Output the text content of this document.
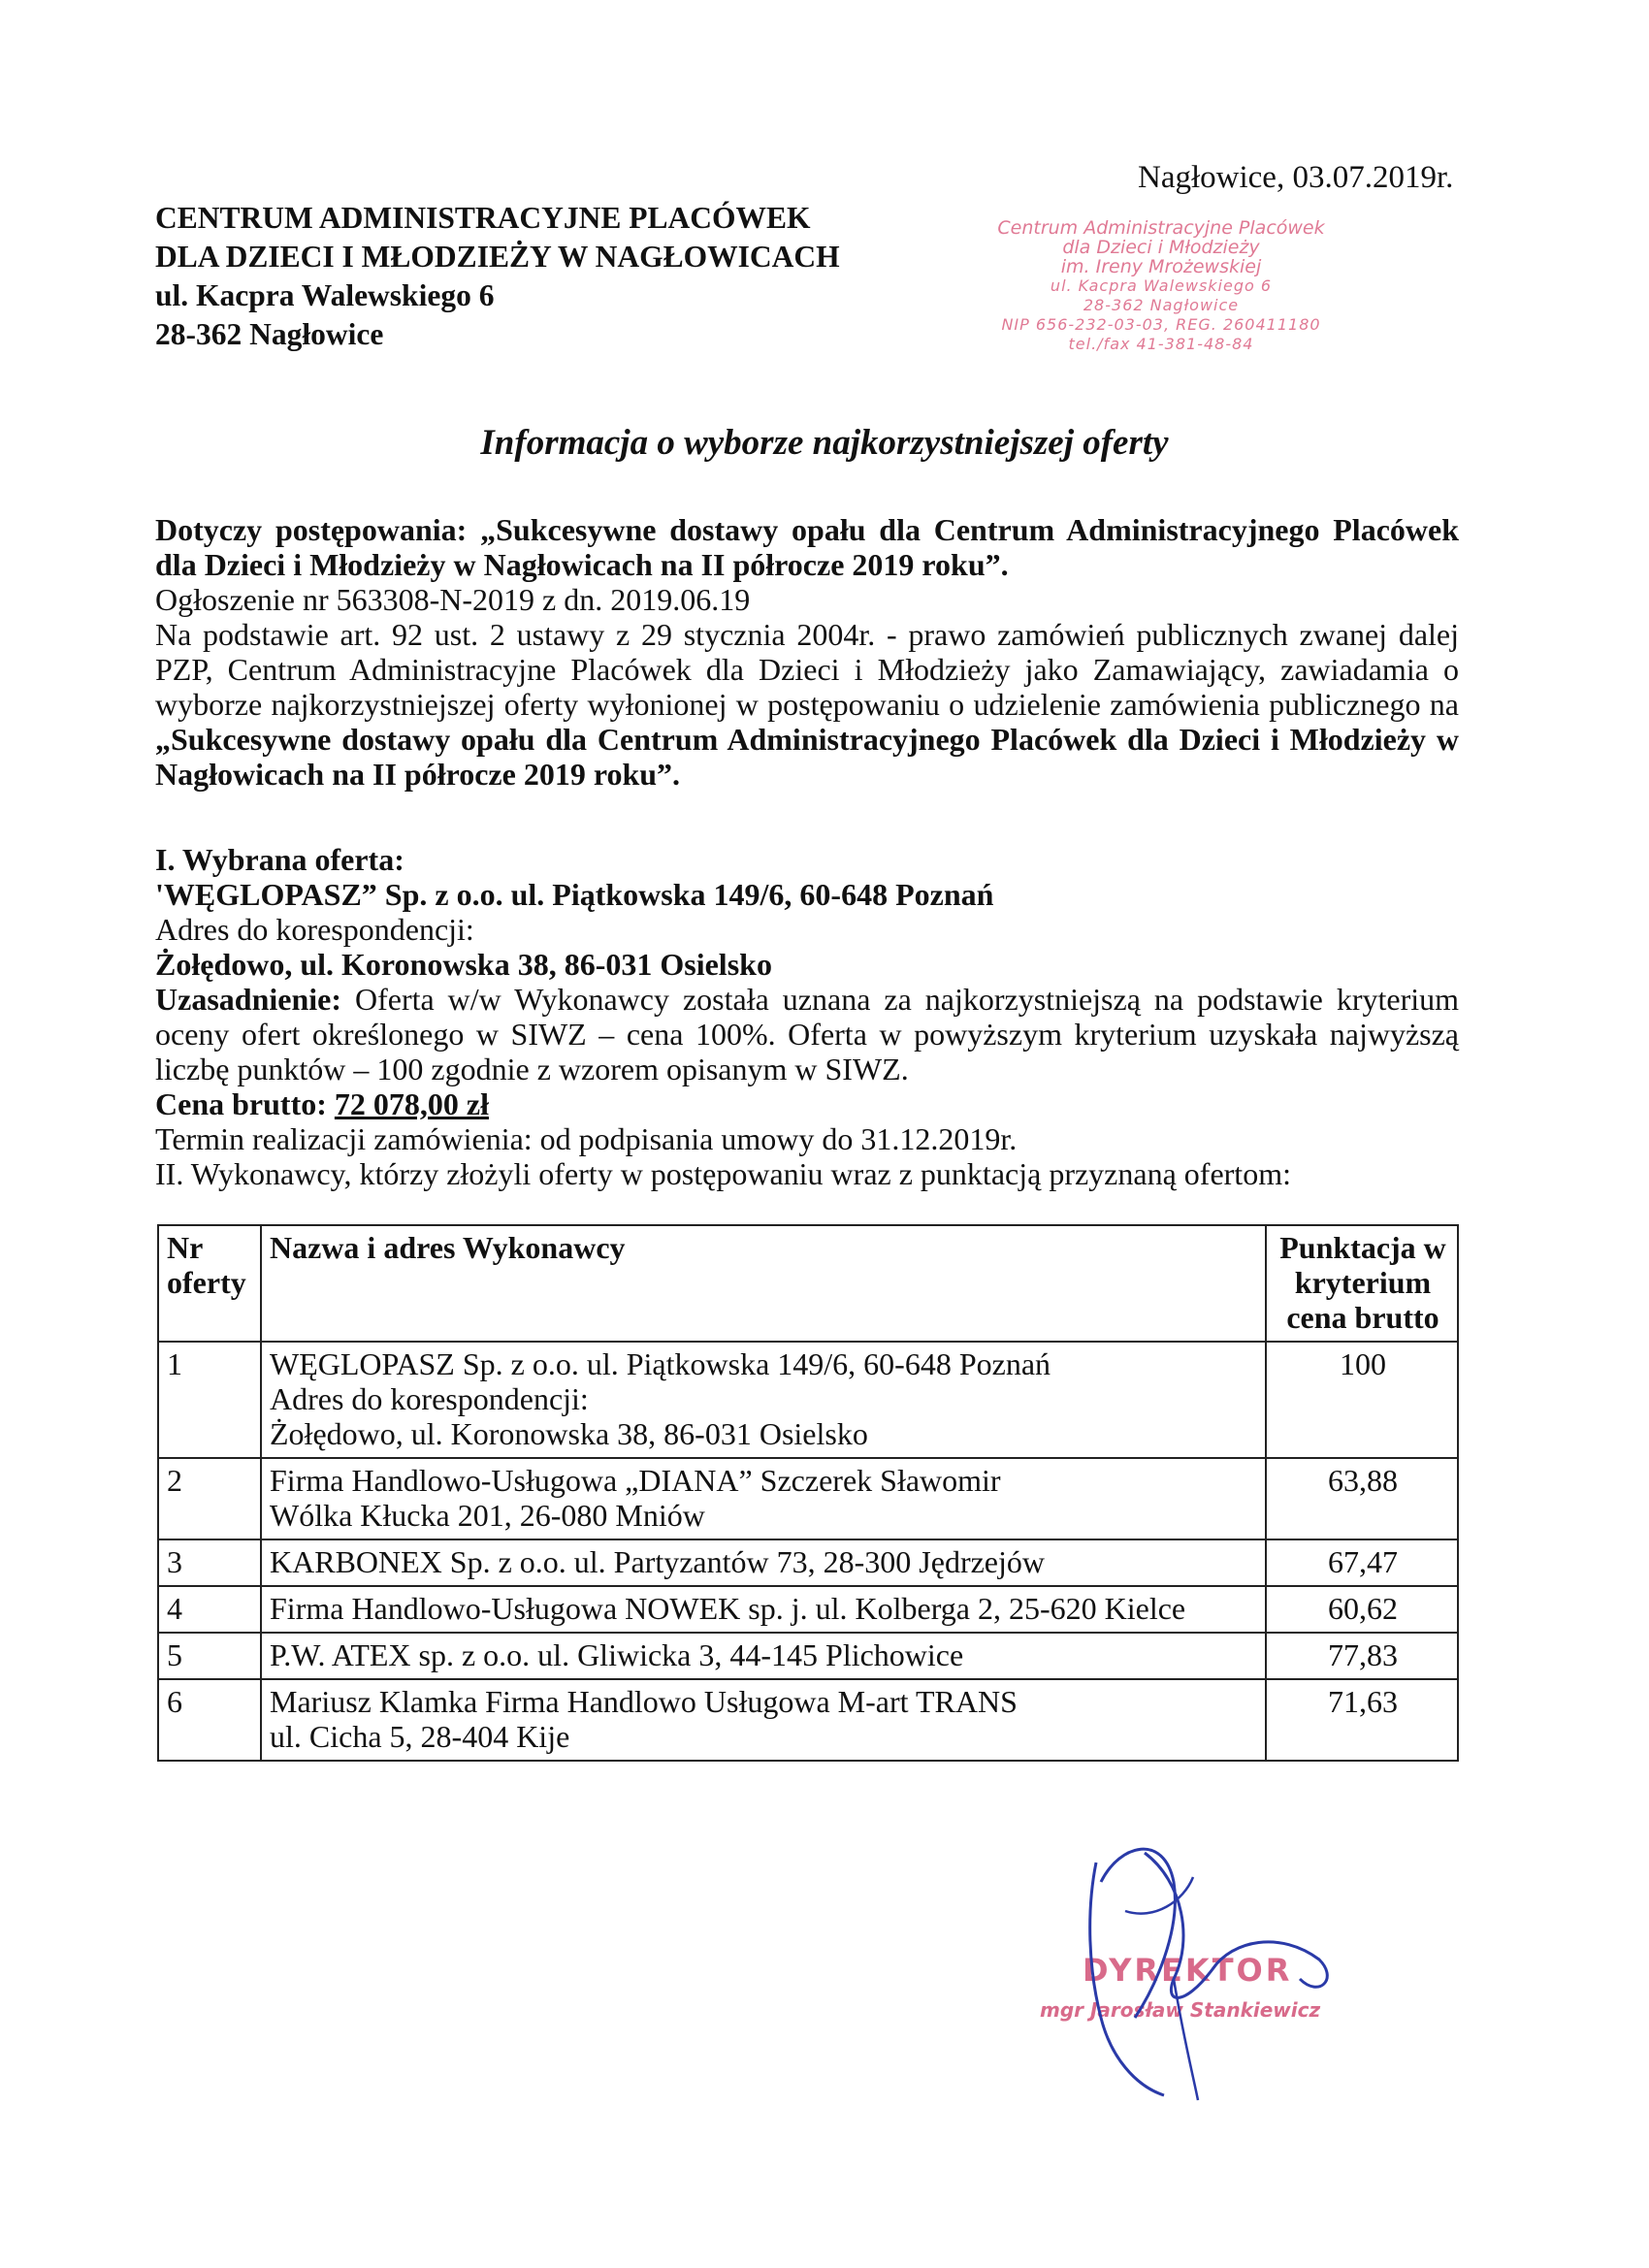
Nagłowice, 03.07.2019r.
CENTRUM ADMINISTRACYJNE PLACÓWEK
DLA DZIECI I MŁODZIEŻY W NAGŁOWICACH
ul. Kacpra Walewskiego 6
28-362 Nagłowice
Centrum Administracyjne Placówek
dla Dzieci i Młodzieży
im. Ireny Mrożewskiej
ul. Kacpra Walewskiego 6
28-362 Nagłowice
NIP 656-232-03-03, REG. 260411180
tel./fax 41-381-48-84
Informacja o wyborze najkorzystniejszej oferty

Dotyczy postępowania: „Sukcesywne dostawy opału dla Centrum Administracyjnego Placówek dla Dzieci i Młodzieży w Nagłowicach na II półrocze 2019 roku”.

Ogłoszenie nr 563308-N-2019 z dn. 2019.06.19

Na podstawie art. 92 ust. 2 ustawy z 29 stycznia 2004r. - prawo zamówień publicznych zwanej dalej PZP, Centrum Administracyjne Placówek dla Dzieci i Młodzieży jako Zamawiający, zawiadamia o wyborze najkorzystniejszej oferty wyłonionej w postępowaniu o udzielenie zamówienia publicznego na „Sukcesywne dostawy opału dla Centrum Administracyjnego Placówek dla Dzieci i Młodzieży w Nagłowicach na II półrocze 2019 roku”.

I. Wybrana oferta:

'WĘGLOPASZ” Sp. z o.o. ul. Piątkowska 149/6, 60-648 Poznań

Adres do korespondencji:

Żołędowo, ul. Koronowska 38, 86-031 Osielsko

Uzasadnienie: Oferta w/w Wykonawcy została uznana za najkorzystniejszą na podstawie kryterium oceny ofert określonego w SIWZ – cena 100%. Oferta w powyższym kryterium uzyskała najwyższą liczbę punktów – 100 zgodnie z wzorem opisanym w SIWZ.

Cena brutto: 72 078,00 zł

Termin realizacji zamówienia: od podpisania umowy do 31.12.2019r.

II. Wykonawcy, którzy złożyli oferty w postępowaniu wraz z punktacją przyznaną ofertom:

Nr oferty	Nazwa i adres Wykonawcy	Punktacja w kryterium cena brutto
1	WĘGLOPASZ Sp. z o.o. ul. Piątkowska 149/6, 60-648 Poznań
Adres do korespondencji:
Żołędowo, ul. Koronowska 38, 86-031 Osielsko	100
2	Firma Handlowo-Usługowa „DIANA” Szczerek Sławomir
Wólka Kłucka 201, 26-080 Mniów	63,88
3	KARBONEX Sp. z o.o. ul. Partyzantów 73, 28-300 Jędrzejów	67,47
4	Firma Handlowo-Usługowa NOWEK sp. j. ul. Kolberga 2, 25-620 Kielce	60,62
5	P.W. ATEX sp. z o.o. ul. Gliwicka 3, 44-145 Plichowice	77,83
6	Mariusz Klamka Firma Handlowo Usługowa M-art TRANS
ul. Cicha 5, 28-404 Kije	71,63
DYREKTOR
mgr Jarosław Stankiewicz
